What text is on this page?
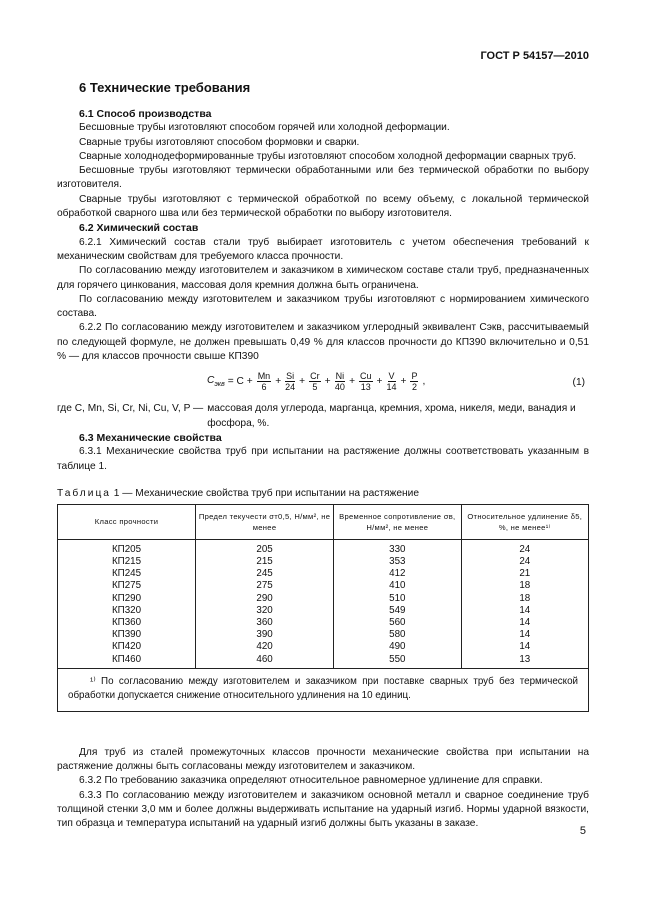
ГОСТ Р 54157—2010
6 Технические требования
6.1 Способ производства

Бесшовные трубы изготовляют способом горячей или холодной деформации.

Сварные трубы изготовляют способом формовки и сварки.

Сварные холоднодеформированные трубы изготовляют способом холодной деформации сварных труб.

Бесшовные трубы изготовляют термически обработанными или без термической обработки по выбору изготовителя.

Сварные трубы изготовляют с термической обработкой по всему объему, с локальной термической обработкой сварного шва или без термической обработки по выбору изготовителя.

6.2 Химический состав

6.2.1 Химический состав стали труб выбирает изготовитель с учетом обеспечения требований к механическим свойствам для требуемого класса прочности.

По согласованию между изготовителем и заказчиком в химическом составе стали труб, предназначенных для горячего цинкования, массовая доля кремния должна быть ограничена.

По согласованию между изготовителем и заказчиком трубы изготовляют с нормированием химического состава.

6.2.2 По согласованию между изготовителем и заказчиком углеродный эквивалент Сэкв, рассчитываемый по следующей формуле, не должен превышать 0,49 % для классов прочности до КП390 включительно и 0,51 % — для классов прочности свыше КП390

$C_{экв} = C + \frac{Mn}{6} + \frac{Si}{24} + \frac{Cr}{5} + \frac{Ni}{40} + \frac{Cu}{13} + \frac{V}{14} + \frac{P}{2}$ ,	(1)
где C, Mn, Si, Cr, Ni, Cu, V, P — массовая доля углерода, марганца, кремния, хрома, никеля, меди, ванадия и фосфора, %.
6.3 Механические свойства

6.3.1 Механические свойства труб при испытании на растяжение должны соответствовать указанным в таблице 1.

Таблица 1 — Механические свойства труб при испытании на растяжение
Класс прочности	Предел текучести σт0,5, Н/мм², не менее	Временное сопротивление σв, Н/мм², не менее	Относительное удлинение δ5, %, не менее¹⁾
КП205	205	330	24
КП215	215	353	24
КП245	245	412	21
КП275	275	410	18
КП290	290	510	18
КП320	320	549	14
КП360	360	560	14
КП390	390	580	14
КП420	420	490	14
КП460	460	550	13
¹⁾ По согласованию между изготовителем и заказчиком при поставке сварных труб без термической обработки допускается снижение относительного удлинения на 10 единиц.			

Для труб из сталей промежуточных классов прочности механические свойства при испытании на растяжение должны быть согласованы между изготовителем и заказчиком.

6.3.2 По требованию заказчика определяют относительное равномерное удлинение для справки.

6.3.3 По согласованию между изготовителем и заказчиком основной металл и сварное соединение труб толщиной стенки 3,0 мм и более должны выдерживать испытание на ударный изгиб. Нормы ударной вязкости, тип образца и температура испытаний на ударный изгиб должны быть указаны в заказе.

5
